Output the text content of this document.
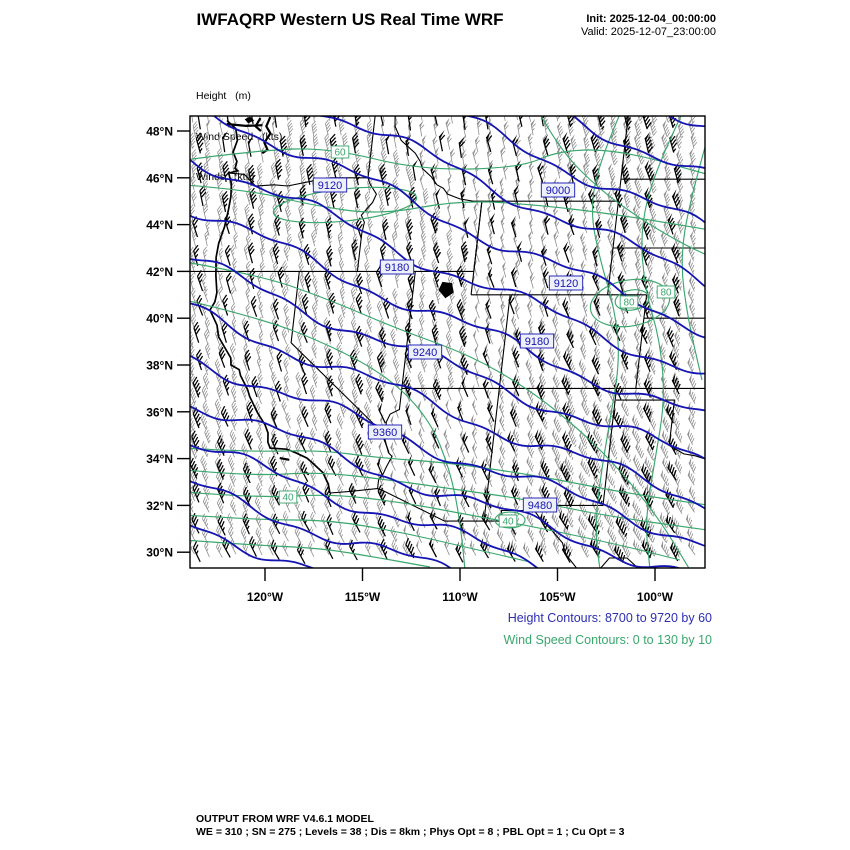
IWFAQRP Western US Real Time WRF	Init: 2025-12-04_00:00:00
Valid: 2025-12-07_23:00:00

Height   (m)

Wind Speed   (kts)

Winds   (kts)

9120	9000
9180
9120
9180
9240
9360
9480
60
80
80
40
40
48°N
46°N
44°N
42°N
40°N
38°N
36°N
34°N
32°N
30°N
120°W	115°W	110°W	105°W	100°W
Height Contours: 8700 to 9720 by 60
Wind Speed Contours: 0 to 130 by 10
OUTPUT FROM WRF V4.6.1 MODEL
WE = 310 ; SN = 275 ; Levels = 38 ; Dis = 8km ; Phys Opt = 8 ; PBL Opt = 1 ; Cu Opt = 3
